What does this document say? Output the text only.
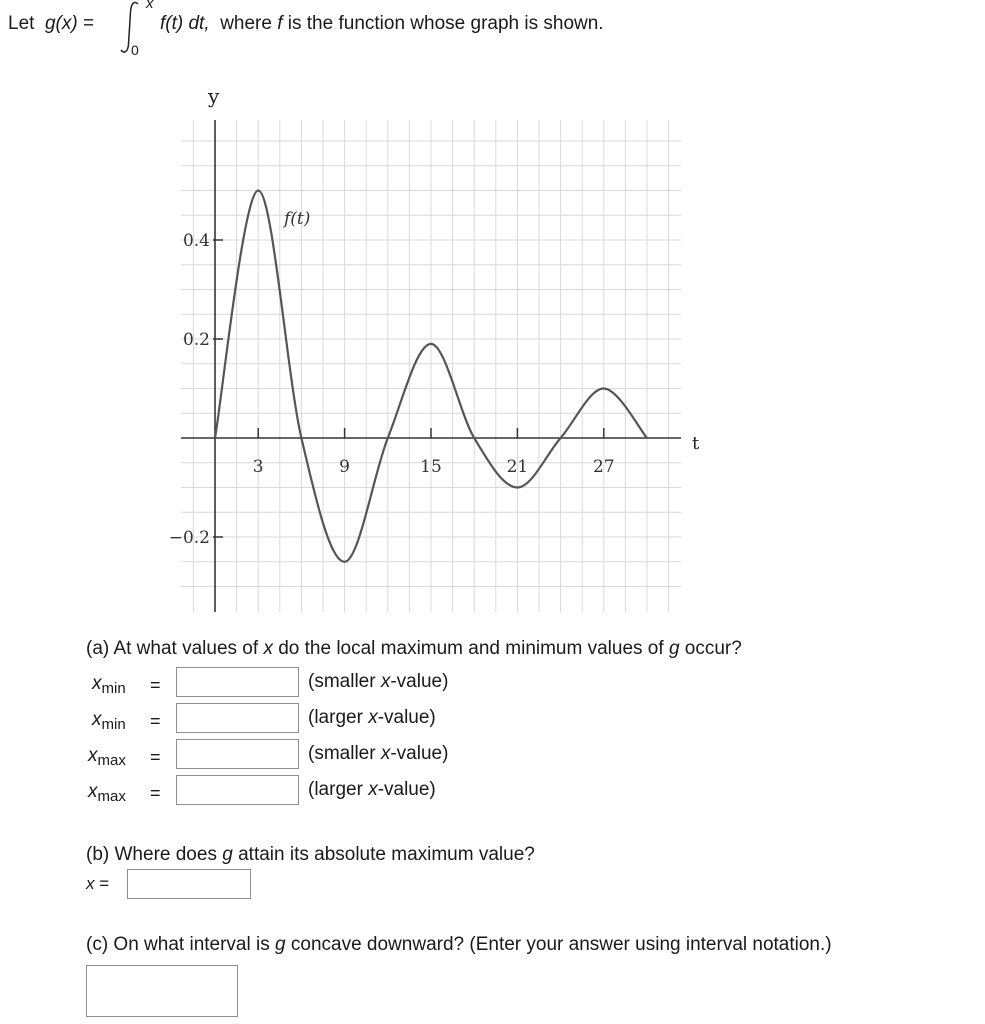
Let g(x) =
x
0
f(t) dt, where f is the function whose graph is shown.
3	9	15	21	27
0.4
0.2
−0.2
f(t)
y
t
(a) At what values of x do the local maximum and minimum values of g occur?
$x_{min}$ =	(smaller x-value)
$x_{min}$ =	(larger x-value)
$x_{max}$ =	(smaller x-value)
$x_{max}$ =	(larger x-value)
(b) Where does g attain its absolute maximum value?
x =
(c) On what interval is g concave downward? (Enter your answer using interval notation.)
